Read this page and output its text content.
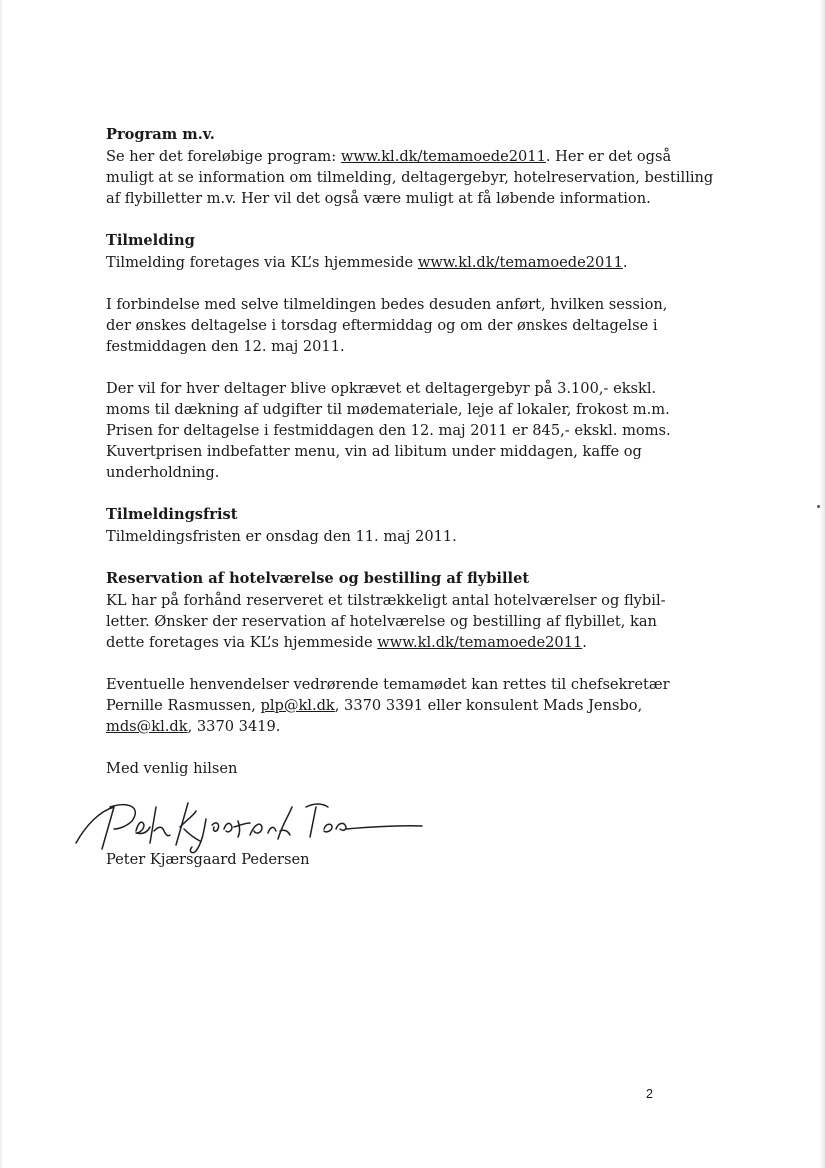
Program m.v.
Se her det foreløbige program: www.kl.dk/temamoede2011. Her er det også
muligt at se information om tilmelding, deltagergebyr, hotelreservation, bestilling
af flybilletter m.v. Her vil det også være muligt at få løbende information.
Tilmelding
Tilmelding foretages via KL’s hjemmeside www.kl.dk/temamoede2011.
I forbindelse med selve tilmeldingen bedes desuden anført, hvilken session,
der ønskes deltagelse i torsdag eftermiddag og om der ønskes deltagelse i
festmiddagen den 12. maj 2011.
Der vil for hver deltager blive opkrævet et deltagergebyr på 3.100,- ekskl.
moms til dækning af udgifter til mødemateriale, leje af lokaler, frokost m.m.
Prisen for deltagelse i festmiddagen den 12. maj 2011 er 845,- ekskl. moms.
Kuvertprisen indbefatter menu, vin ad libitum under middagen, kaffe og
underholdning.
Tilmeldingsfrist
Tilmeldingsfristen er onsdag den 11. maj 2011.
Reservation af hotelværelse og bestilling af flybillet
KL har på forhånd reserveret et tilstrækkeligt antal hotelværelser og flybil-
letter. Ønsker der reservation af hotelværelse og bestilling af flybillet, kan
dette foretages via KL’s hjemmeside www.kl.dk/temamoede2011.
Eventuelle henvendelser vedrørende temamødet kan rettes til chefsekretær
Pernille Rasmussen, plp@kl.dk, 3370 3391 eller konsulent Mads Jensbo,
mds@kl.dk, 3370 3419.
Med venlig hilsen
Peter Kjærsgaard Pedersen
2
